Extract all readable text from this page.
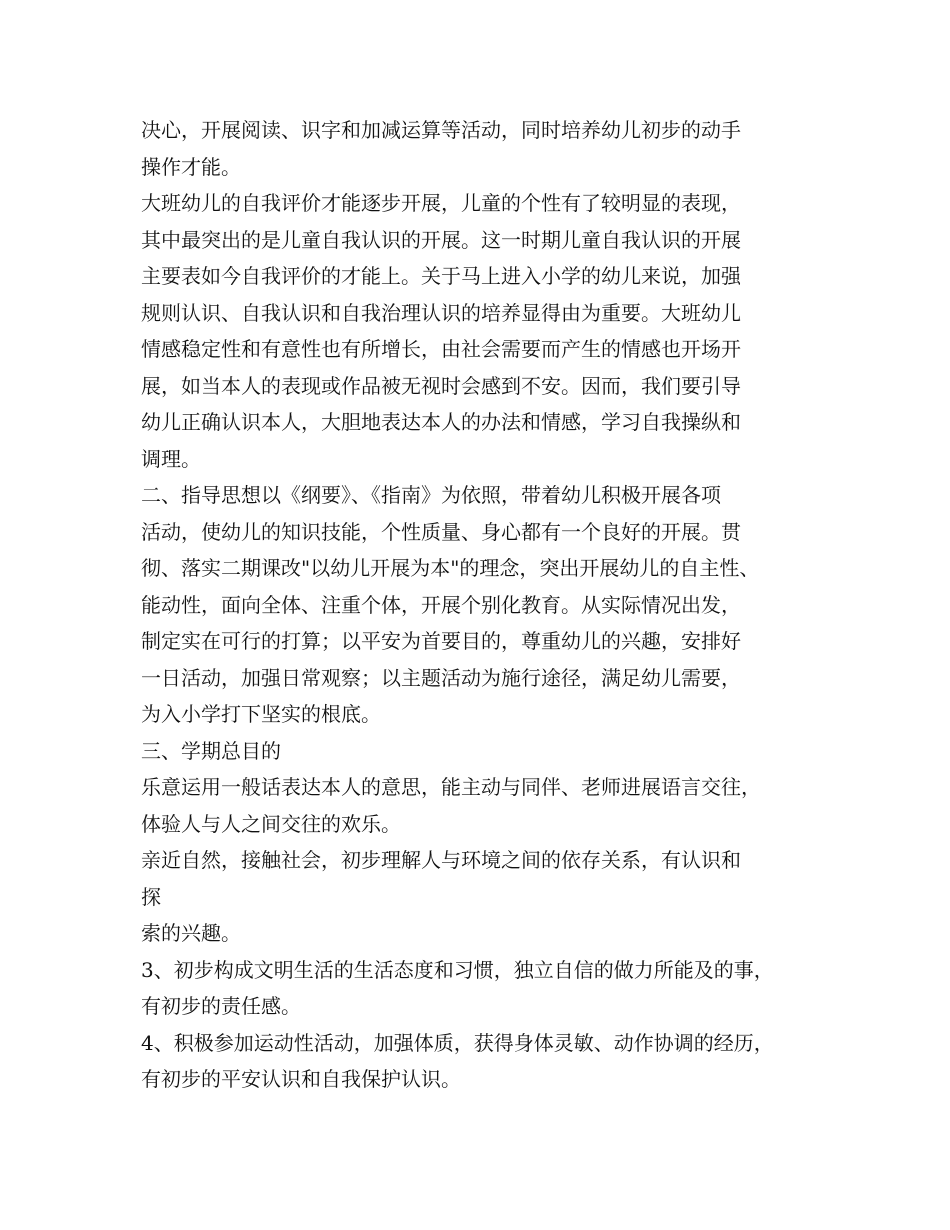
决心，开展阅读、识字和加减运算等活动，同时培养幼儿初步的动手
操作才能。
大班幼儿的自我评价才能逐步开展，儿童的个性有了较明显的表现，
其中最突出的是儿童自我认识的开展。这一时期儿童自我认识的开展
主要表如今自我评价的才能上。关于马上进入小学的幼儿来说，加强
规则认识、自我认识和自我治理认识的培养显得由为重要。大班幼儿
情感稳定性和有意性也有所增长，由社会需要而产生的情感也开场开
展，如当本人的表现或作品被无视时会感到不安。因而，我们要引导
幼儿正确认识本人，大胆地表达本人的办法和情感，学习自我操纵和
调理。
二、指导思想以《纲要》、《指南》为依照，带着幼儿积极开展各项
活动，使幼儿的知识技能，个性质量、身心都有一个良好的开展。贯
彻、落实二期课改"以幼儿开展为本"的理念，突出开展幼儿的自主性、
能动性，面向全体、注重个体，开展个别化教育。从实际情况出发，
制定实在可行的打算；以平安为首要目的，尊重幼儿的兴趣，安排好
一日活动，加强日常观察；以主题活动为施行途径，满足幼儿需要，
为入小学打下坚实的根底。
三、学期总目的
乐意运用一般话表达本人的意思，能主动与同伴、老师进展语言交往，
体验人与人之间交往的欢乐。
亲近自然，接触社会，初步理解人与环境之间的依存关系，有认识和
探
索的兴趣。
3、初步构成文明生活的生活态度和习惯，独立自信的做力所能及的事，
有初步的责任感。
4、积极参加运动性活动，加强体质，获得身体灵敏、动作协调的经历，
有初步的平安认识和自我保护认识。
